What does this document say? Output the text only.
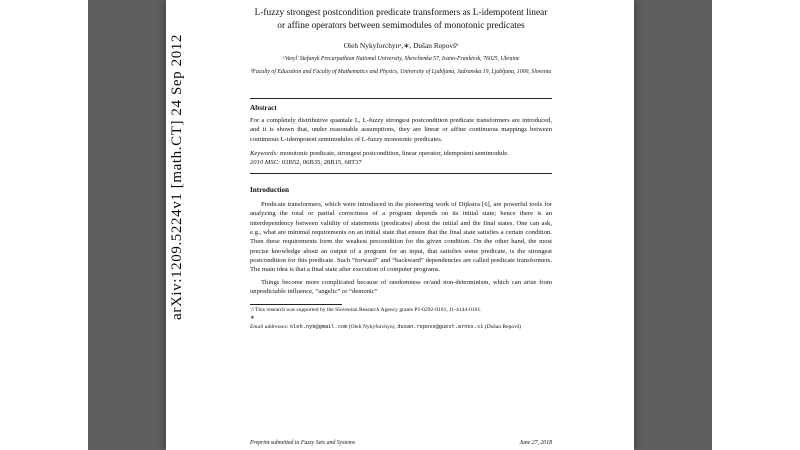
arXiv:1209.5224v1 [math.CT] 24 Sep 2012
L-fuzzy strongest postcondition predicate transformers as L-idempotent linear or affine operators between semimodules of monotonic predicates
Oleh Nykyforchynᵃ,∗, Dušan Repovšᵇ
ᵃVasyl' Stefanyk Precarpathian National University, Shevchenka 57, Ivano-Frankivsk, 76025, Ukraine
ᵇFaculty of Education and Faculty of Mathematics and Physics, University of Ljubljana, Jadranska 19, Ljubljana, 1000, Slovenia
Abstract
For a completely distributive quantale L, L-fuzzy strongest postcondition predicate transformers are introduced, and it is shown that, under reasonable assumptions, they are linear or affine continuous mappings between continuous L-idempotent semimodules of L-fuzzy monotonic predicates.
Keywords: monotonic predicate, strongest postcondition, linear operator, idempotent semimodule.
2010 MSC: 03B52, 06B35, 28B15, 68T37
Introduction
Predicate transformers, which were introduced in the pioneering work of Dijkstra [6], are powerful tools for analyzing the total or partial correctness of a program depends on its initial state; hence there is an interdependency between validity of statements (predicates) about the initial and the final states. One can ask, e.g., what are minimal requirements on an initial state that ensure that the final state satisfies a certain condition. Then these requirements form the weakest precondition for the given condition. On the other hand, the most precise knowledge about an output of a program for an input, that satisfies some predicate, is the strongest postcondition for this predicate. Such “forward” and “backward” dependencies are called predicate transformers. The main idea is that a final state after execution of computer programs.
Things become more complicated because of randomness or/and non-determinism, which can arise from unpredictable influence, “angelic” or “demonic”

☆This research was supported by the Slovenian Research Agency grants P1-0292-0101, J1-4144-0101.

∗

Email addresses: oleh.nyk@gmail.com (Oleh Nykyforchyn), dusan.repovs@guest.arnes.si (Dušan Repovš)

Preprint submitted to Fuzzy Sets and Systems	June 27, 2018
